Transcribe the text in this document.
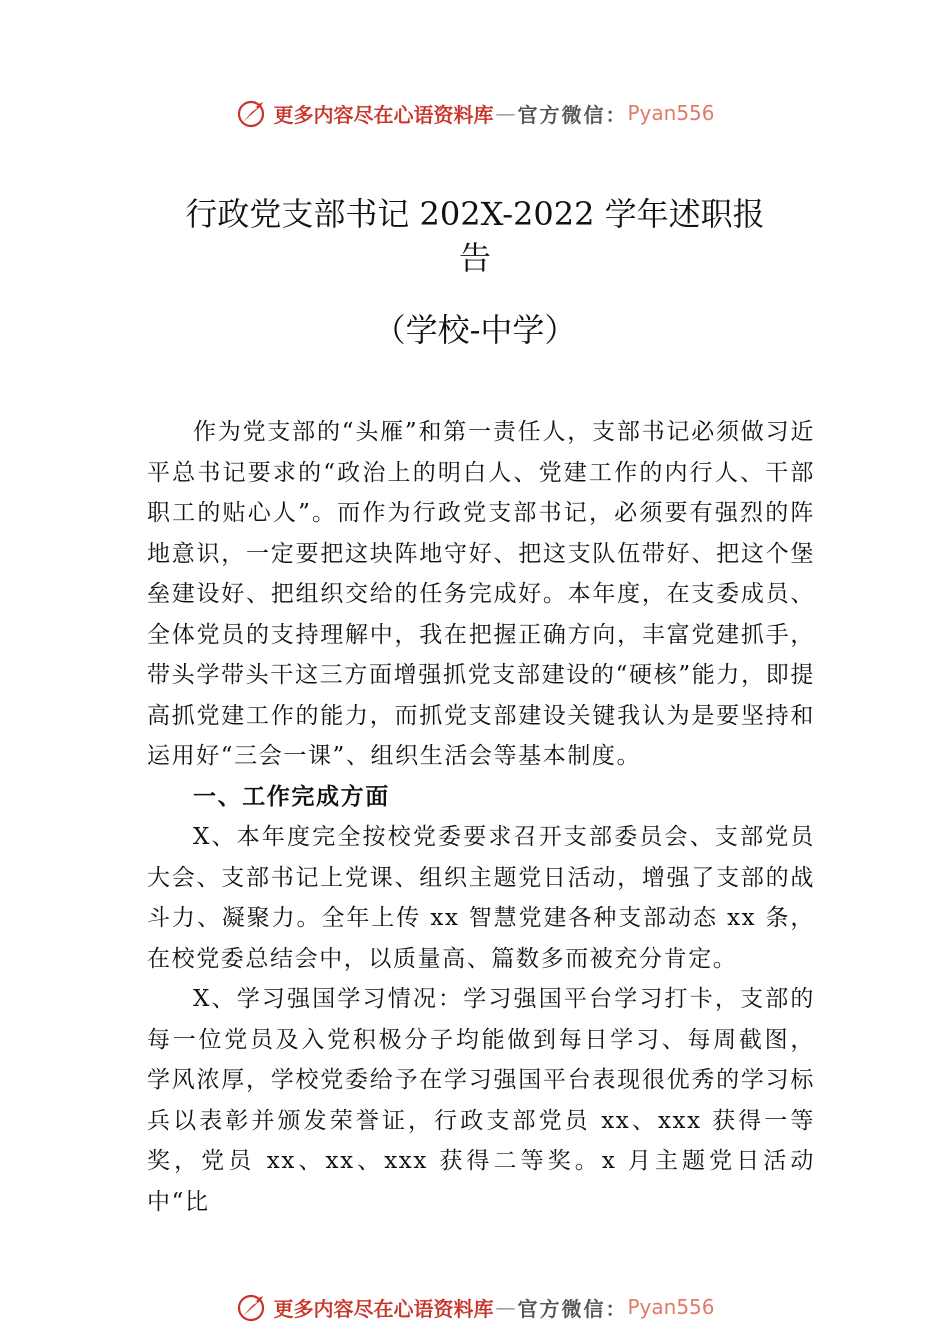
更多内容尽在心语资料库 — 官方微信： Pyan556
行政党支部书记 202X-2022 学年述职报
告
（学校-中学）

作为党支部的“头雁”和第一责任人，支部书记必须做习近平总书记要求的“政治上的明白人、党建工作的内行人、干部职工的贴心人”。而作为行政党支部书记，必须要有强烈的阵地意识，一定要把这块阵地守好、把这支队伍带好、把这个堡垒建设好、把组织交给的任务完成好。本年度，在支委成员、全体党员的支持理解中，我在把握正确方向，丰富党建抓手，带头学带头干这三方面增强抓党支部建设的“硬核”能力，即提高抓党建工作的能力，而抓党支部建设关键我认为是要坚持和运用好“三会一课”、组织生活会等基本制度。

一、工作完成方面

X、本年度完全按校党委要求召开支部委员会、支部党员大会、支部书记上党课、组织主题党日活动，增强了支部的战斗力、凝聚力。全年上传 xx 智慧党建各种支部动态 xx 条，在校党委总结会中，以质量高、篇数多而被充分肯定。

X、学习强国学习情况：学习强国平台学习打卡，支部的每一位党员及入党积极分子均能做到每日学习、每周截图， 学风浓厚，学校党委给予在学习强国平台表现很优秀的学习标兵以表彰并颁发荣誉证，行政支部党员 xx、xxx 获得一等奖，党员 xx、xx、xxx 获得二等奖。x 月主题党日活动中“比

更多内容尽在心语资料库 — 官方微信： Pyan556
